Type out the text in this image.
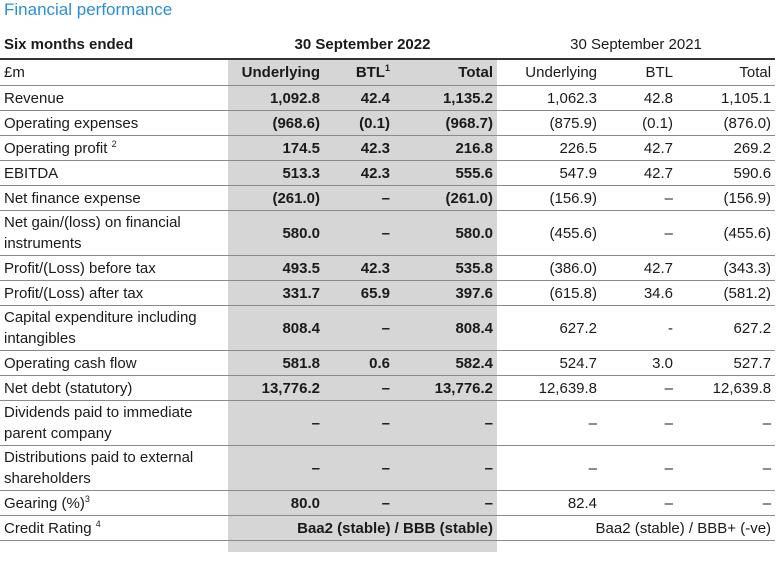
Financial performance
Six months ended	30 September 2022			30 September 2021		
£m	Underlying	BTL$^1$	Total	Underlying	BTL	Total
Revenue	1,092.8	42.4	1,135.2	1,062.3	42.8	1,105.1
Operating expenses	(968.6)	(0.1)	(968.7)	(875.9)	(0.1)	(876.0)
Operating profit $^2$	174.5	42.3	216.8	226.5	42.7	269.2
EBITDA	513.3	42.3	555.6	547.9	42.7	590.6
Net finance expense	(261.0)	–	(261.0)	(156.9)	–	(156.9)
Net gain/(loss) on financial instruments	580.0	–	580.0	(455.6)	–	(455.6)
Profit/(Loss) before tax	493.5	42.3	535.8	(386.0)	42.7	(343.3)
Profit/(Loss) after tax	331.7	65.9	397.6	(615.8)	34.6	(581.2)
Capital expenditure including intangibles	808.4	–	808.4	627.2	-	627.2
Operating cash flow	581.8	0.6	582.4	524.7	3.0	527.7
Net debt (statutory)	13,776.2	–	13,776.2	12,639.8	–	12,639.8
Dividends paid to immediate parent company	–	–	–	–	–	–
Distributions paid to external shareholders	–	–	–	–	–	–
Gearing (%)$^3$	80.0	–	–	82.4	–	–
Credit Rating $^4$	Baa2 (stable) / BBB (stable)			Baa2 (stable) / BBB+ (-ve)		
